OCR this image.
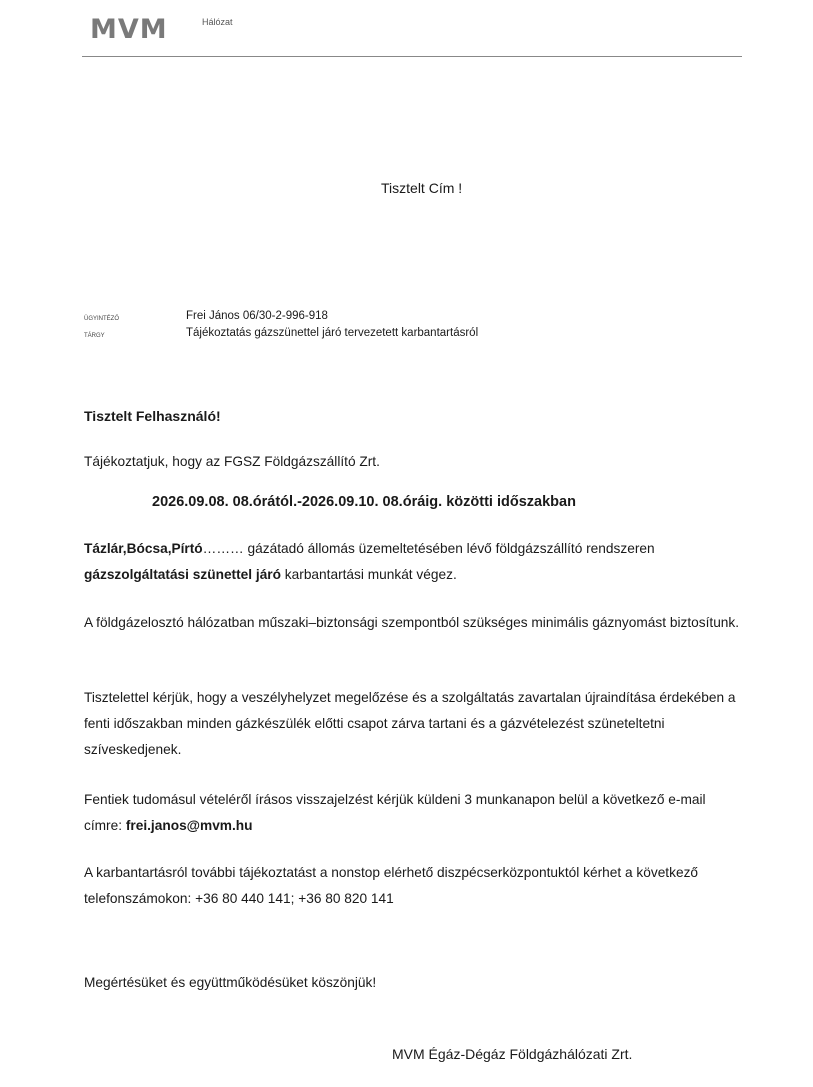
MVM	Hálózat
Tisztelt Cím !
ÜGYINTÉZŐ	Frei János 06/30-2-996-918
TÁRGY	Tájékoztatás gázszünettel járó tervezetett karbantartásról

Tisztelt Felhasználó!

Tájékoztatjuk, hogy az FGSZ Földgázszállító Zrt.

2026.09.08. 08.órától.-2026.09.10. 08.óráig. közötti időszakban

Tázlár,Bócsa,Pírtó……… gázátadó állomás üzemeltetésében lévő földgázszállító rendszeren
gázszolgáltatási szünettel járó karbantartási munkát végez.

A földgázelosztó hálózatban műszaki–biztonsági szempontból szükséges minimális gáznyomást biztosítunk.

Tisztelettel kérjük, hogy a veszélyhelyzet megelőzése és a szolgáltatás zavartalan újraindítása érdekében a fenti időszakban minden gázkészülék előtti csapot zárva tartani és a gázvételezést szüneteltetni szíveskedjenek.

Fentiek tudomásul vételéről írásos visszajelzést kérjük küldeni 3 munkanapon belül a következő e-mail címre: frei.janos@mvm.hu

A karbantartásról további tájékoztatást a nonstop elérhető diszpécserközpontuktól kérhet a következő telefonszámokon: +36 80 440 141; +36 80 820 141

Megértésüket és együttműködésüket köszönjük!

MVM Égáz-Dégáz Földgázhálózati Zrt.
